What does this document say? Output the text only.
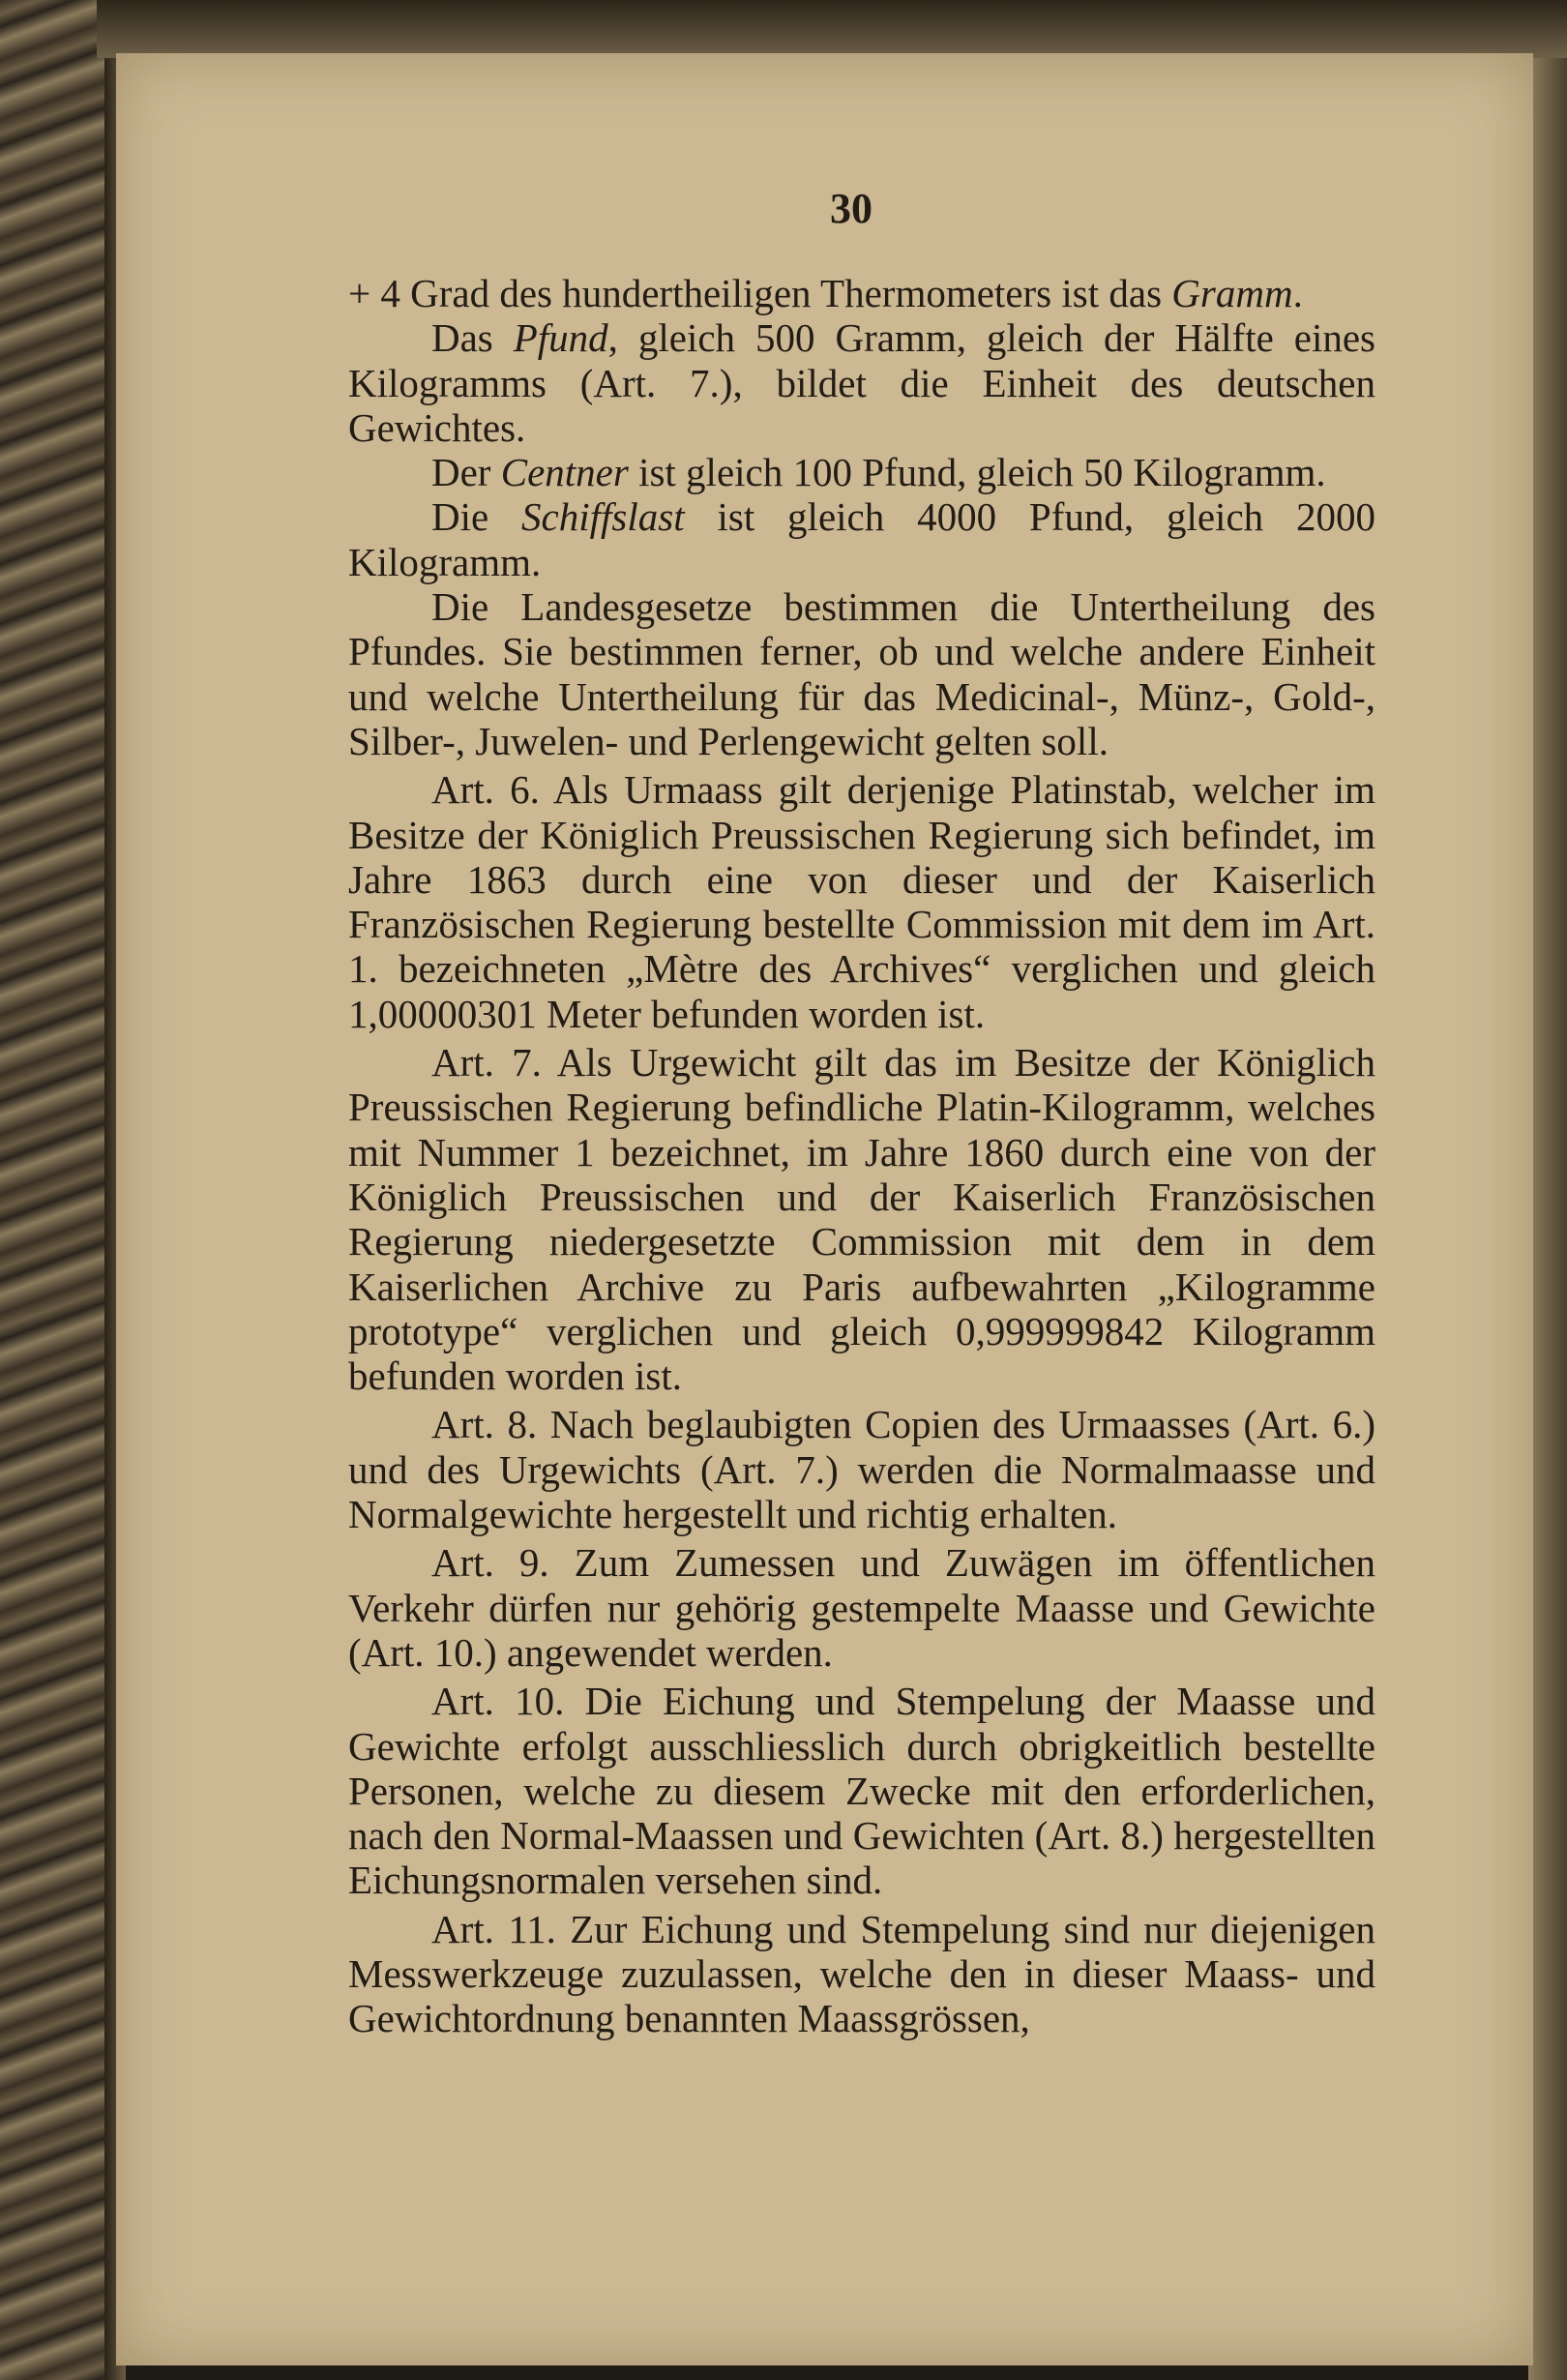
30

+ 4 Grad des hundertheiligen Thermometers ist das Gramm.

Das Pfund, gleich 500 Gramm, gleich der Hälfte eines Kilogramms (Art. 7.), bildet die Einheit des deutschen Gewichtes.

Der Centner ist gleich 100 Pfund, gleich 50 Kilogramm.

Die Schiffslast ist gleich 4000 Pfund, gleich 2000 Kilogramm.

Die Landesgesetze bestimmen die Untertheilung des Pfundes. Sie bestimmen ferner, ob und welche andere Einheit und welche Untertheilung für das Medicinal-, Münz-, Gold-, Silber-, Juwelen- und Perlengewicht gelten soll.

Art. 6. Als Urmaass gilt derjenige Platinstab, welcher im Besitze der Königlich Preussischen Regierung sich befindet, im Jahre 1863 durch eine von dieser und der Kaiserlich Französischen Regierung bestellte Commission mit dem im Art. 1. bezeichneten „Mètre des Archives“ verglichen und gleich 1,00000301 Meter befunden worden ist.

Art. 7. Als Urgewicht gilt das im Besitze der Königlich Preussischen Regierung befindliche Platin-Kilogramm, welches mit Nummer 1 bezeichnet, im Jahre 1860 durch eine von der Königlich Preussischen und der Kaiserlich Französischen Regierung niedergesetzte Commission mit dem in dem Kaiserlichen Archive zu Paris aufbewahrten „Kilogramme prototype“ verglichen und gleich 0,999999842 Kilogramm befunden worden ist.

Art. 8. Nach beglaubigten Copien des Urmaasses (Art. 6.) und des Urgewichts (Art. 7.) werden die Normalmaasse und Normalgewichte hergestellt und richtig erhalten.

Art. 9. Zum Zumessen und Zuwägen im öffentlichen Verkehr dürfen nur gehörig gestempelte Maasse und Gewichte (Art. 10.) angewendet werden.

Art. 10. Die Eichung und Stempelung der Maasse und Gewichte erfolgt ausschliesslich durch obrigkeitlich bestellte Personen, welche zu diesem Zwecke mit den erforderlichen, nach den Normal-Maassen und Gewichten (Art. 8.) hergestellten Eichungsnormalen versehen sind.

Art. 11. Zur Eichung und Stempelung sind nur diejenigen Messwerkzeuge zuzulassen, welche den in dieser Maass- und Gewichtordnung benannten Maassgrössen,
